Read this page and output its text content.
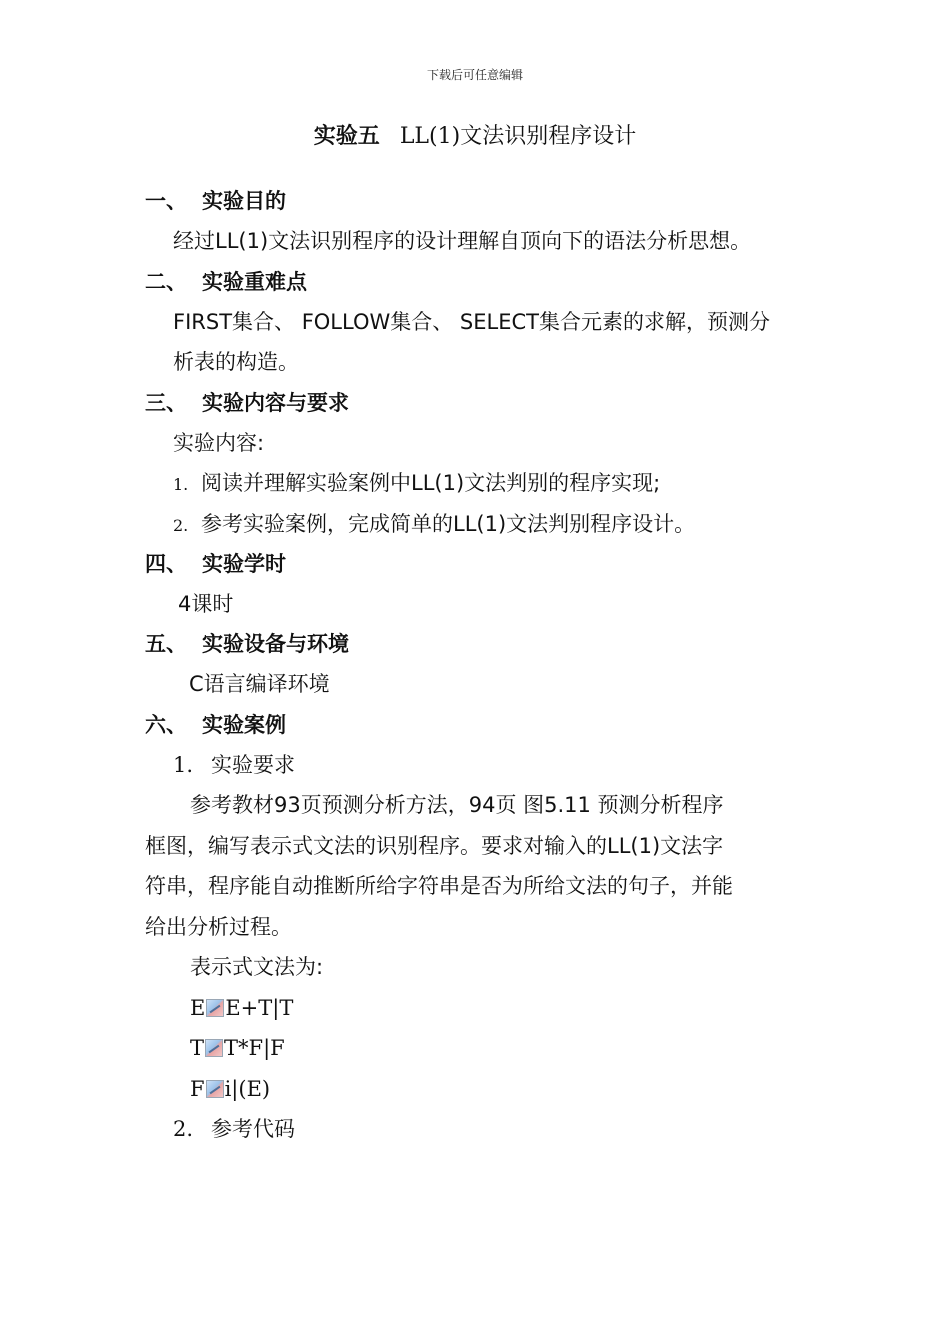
下载后可任意编辑
实验五 LL(1)文法识别程序设计
一、 实验目的
经过LL(1)文法识别程序的设计理解自顶向下的语法分析思想。
二、 实验重难点
FIRST集合、 FOLLOW集合、 SELECT集合元素的求解，预测分
析表的构造。
三、 实验内容与要求
实验内容:
1. 阅读并理解实验案例中LL(1)文法判别的程序实现;
2. 参考实验案例，完成简单的LL(1)文法判别程序设计。
四、 实验学时
4课时
五、 实验设备与环境
C语言编译环境
六、 实验案例
1. 实验要求
参考教材93页预测分析方法，94页 图5.11 预测分析程序
框图，编写表示式文法的识别程序。要求对输入的LL(1)文法字
符串，程序能自动推断所给字符串是否为所给文法的句子，并能
给出分析过程。
表示式文法为:
E E+T|T
T T*F|F
F i|(E)
2. 参考代码
